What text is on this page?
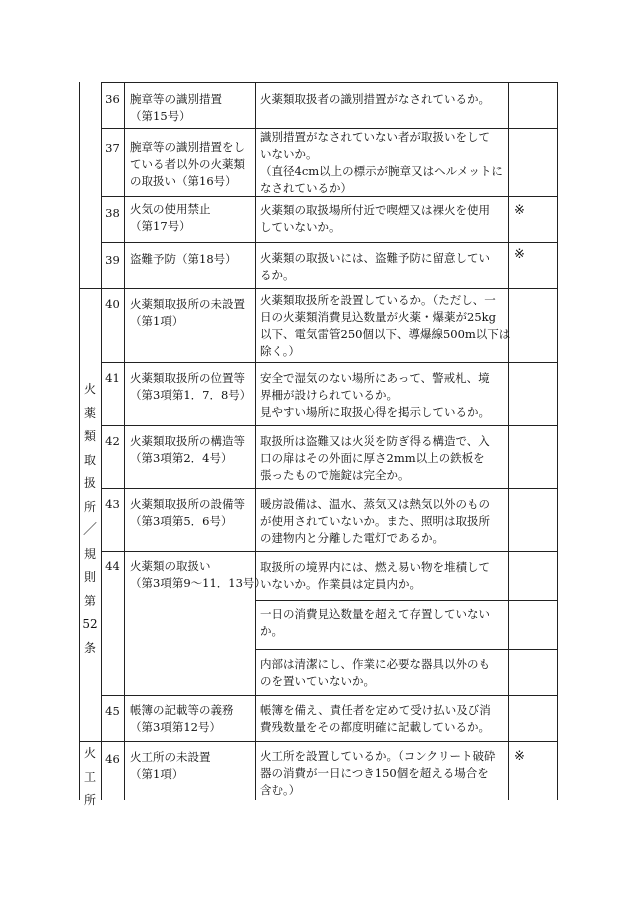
火
薬
類
取
扱
所
／
規
則
第
52
条
火
工
所
36 腕章等の識別措置
（第15号）
火薬類取扱者の識別措置がなされているか。
37 腕章等の識別措置をし
ている者以外の火薬類
の取扱い（第16号）
識別措置がなされていない者が取扱いをして
いないか。
（直径4cm以上の標示が腕章又はヘルメットに
なされているか）
38 火気の使用禁止
（第17号）
火薬類の取扱場所付近で喫煙又は裸火を使用
していないか。
※
39 盗難予防（第18号）	火薬類の取扱いには、盗難予防に留意してい
るか。
※
40 火薬類取扱所の未設置
（第1項）
火薬類取扱所を設置しているか。（ただし、一
日の火薬類消費見込数量が火薬・爆薬が25kg
以下、電気雷管250個以下、導爆線500m以下は
除く。）
41 火薬類取扱所の位置等
（第3項第1．7．8号）
安全で湿気のない場所にあって、警戒札、境
界柵が設けられているか。
見やすい場所に取扱心得を掲示しているか。
42 火薬類取扱所の構造等
（第3項第2．4号）
取扱所は盗難又は火災を防ぎ得る構造で、入
口の扉はその外面に厚さ2mm以上の鉄板を
張ったもので施錠は完全か。
43 火薬類取扱所の設備等
（第3項第5．6号）
暖房設備は、温水、蒸気又は熱気以外のもの
が使用されていないか。また、照明は取扱所
の建物内と分離した電灯であるか。
44 火薬類の取扱い
（第3項第9～11．13号）
取扱所の境界内には、燃え易い物を堆積して
いないか。作業員は定員内か。
一日の消費見込数量を超えて存置していない
か。
内部は清潔にし、作業に必要な器具以外のも
のを置いていないか。
45 帳簿の記載等の義務
（第3項第12号）
帳簿を備え、責任者を定めて受け払い及び消
費残数量をその都度明確に記載しているか。
46 火工所の未設置
（第1項）
火工所を設置しているか。（コンクリート破砕
器の消費が一日につき150個を超える場合を
含む。）
※
